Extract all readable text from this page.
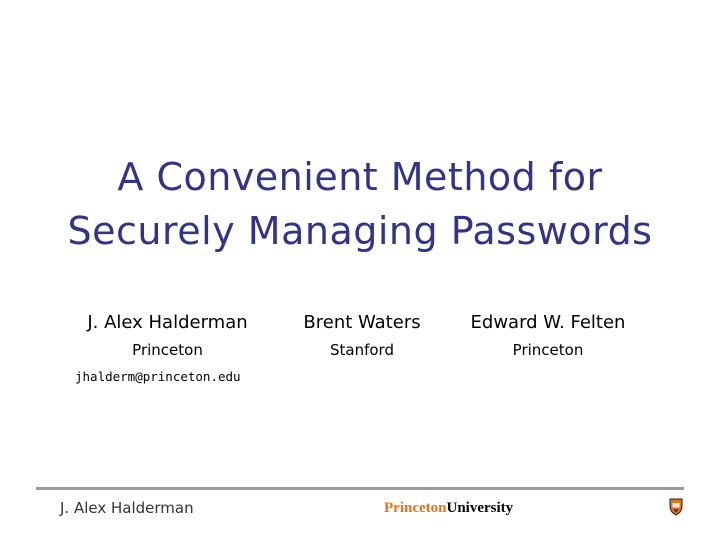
A Convenient Method for
Securely Managing Passwords
J. Alex Halderman
Princeton
Brent Waters
Stanford
Edward W. Felten
Princeton
jhalderm@princeton.edu
J. Alex Halderman	PrincetonUniversity
